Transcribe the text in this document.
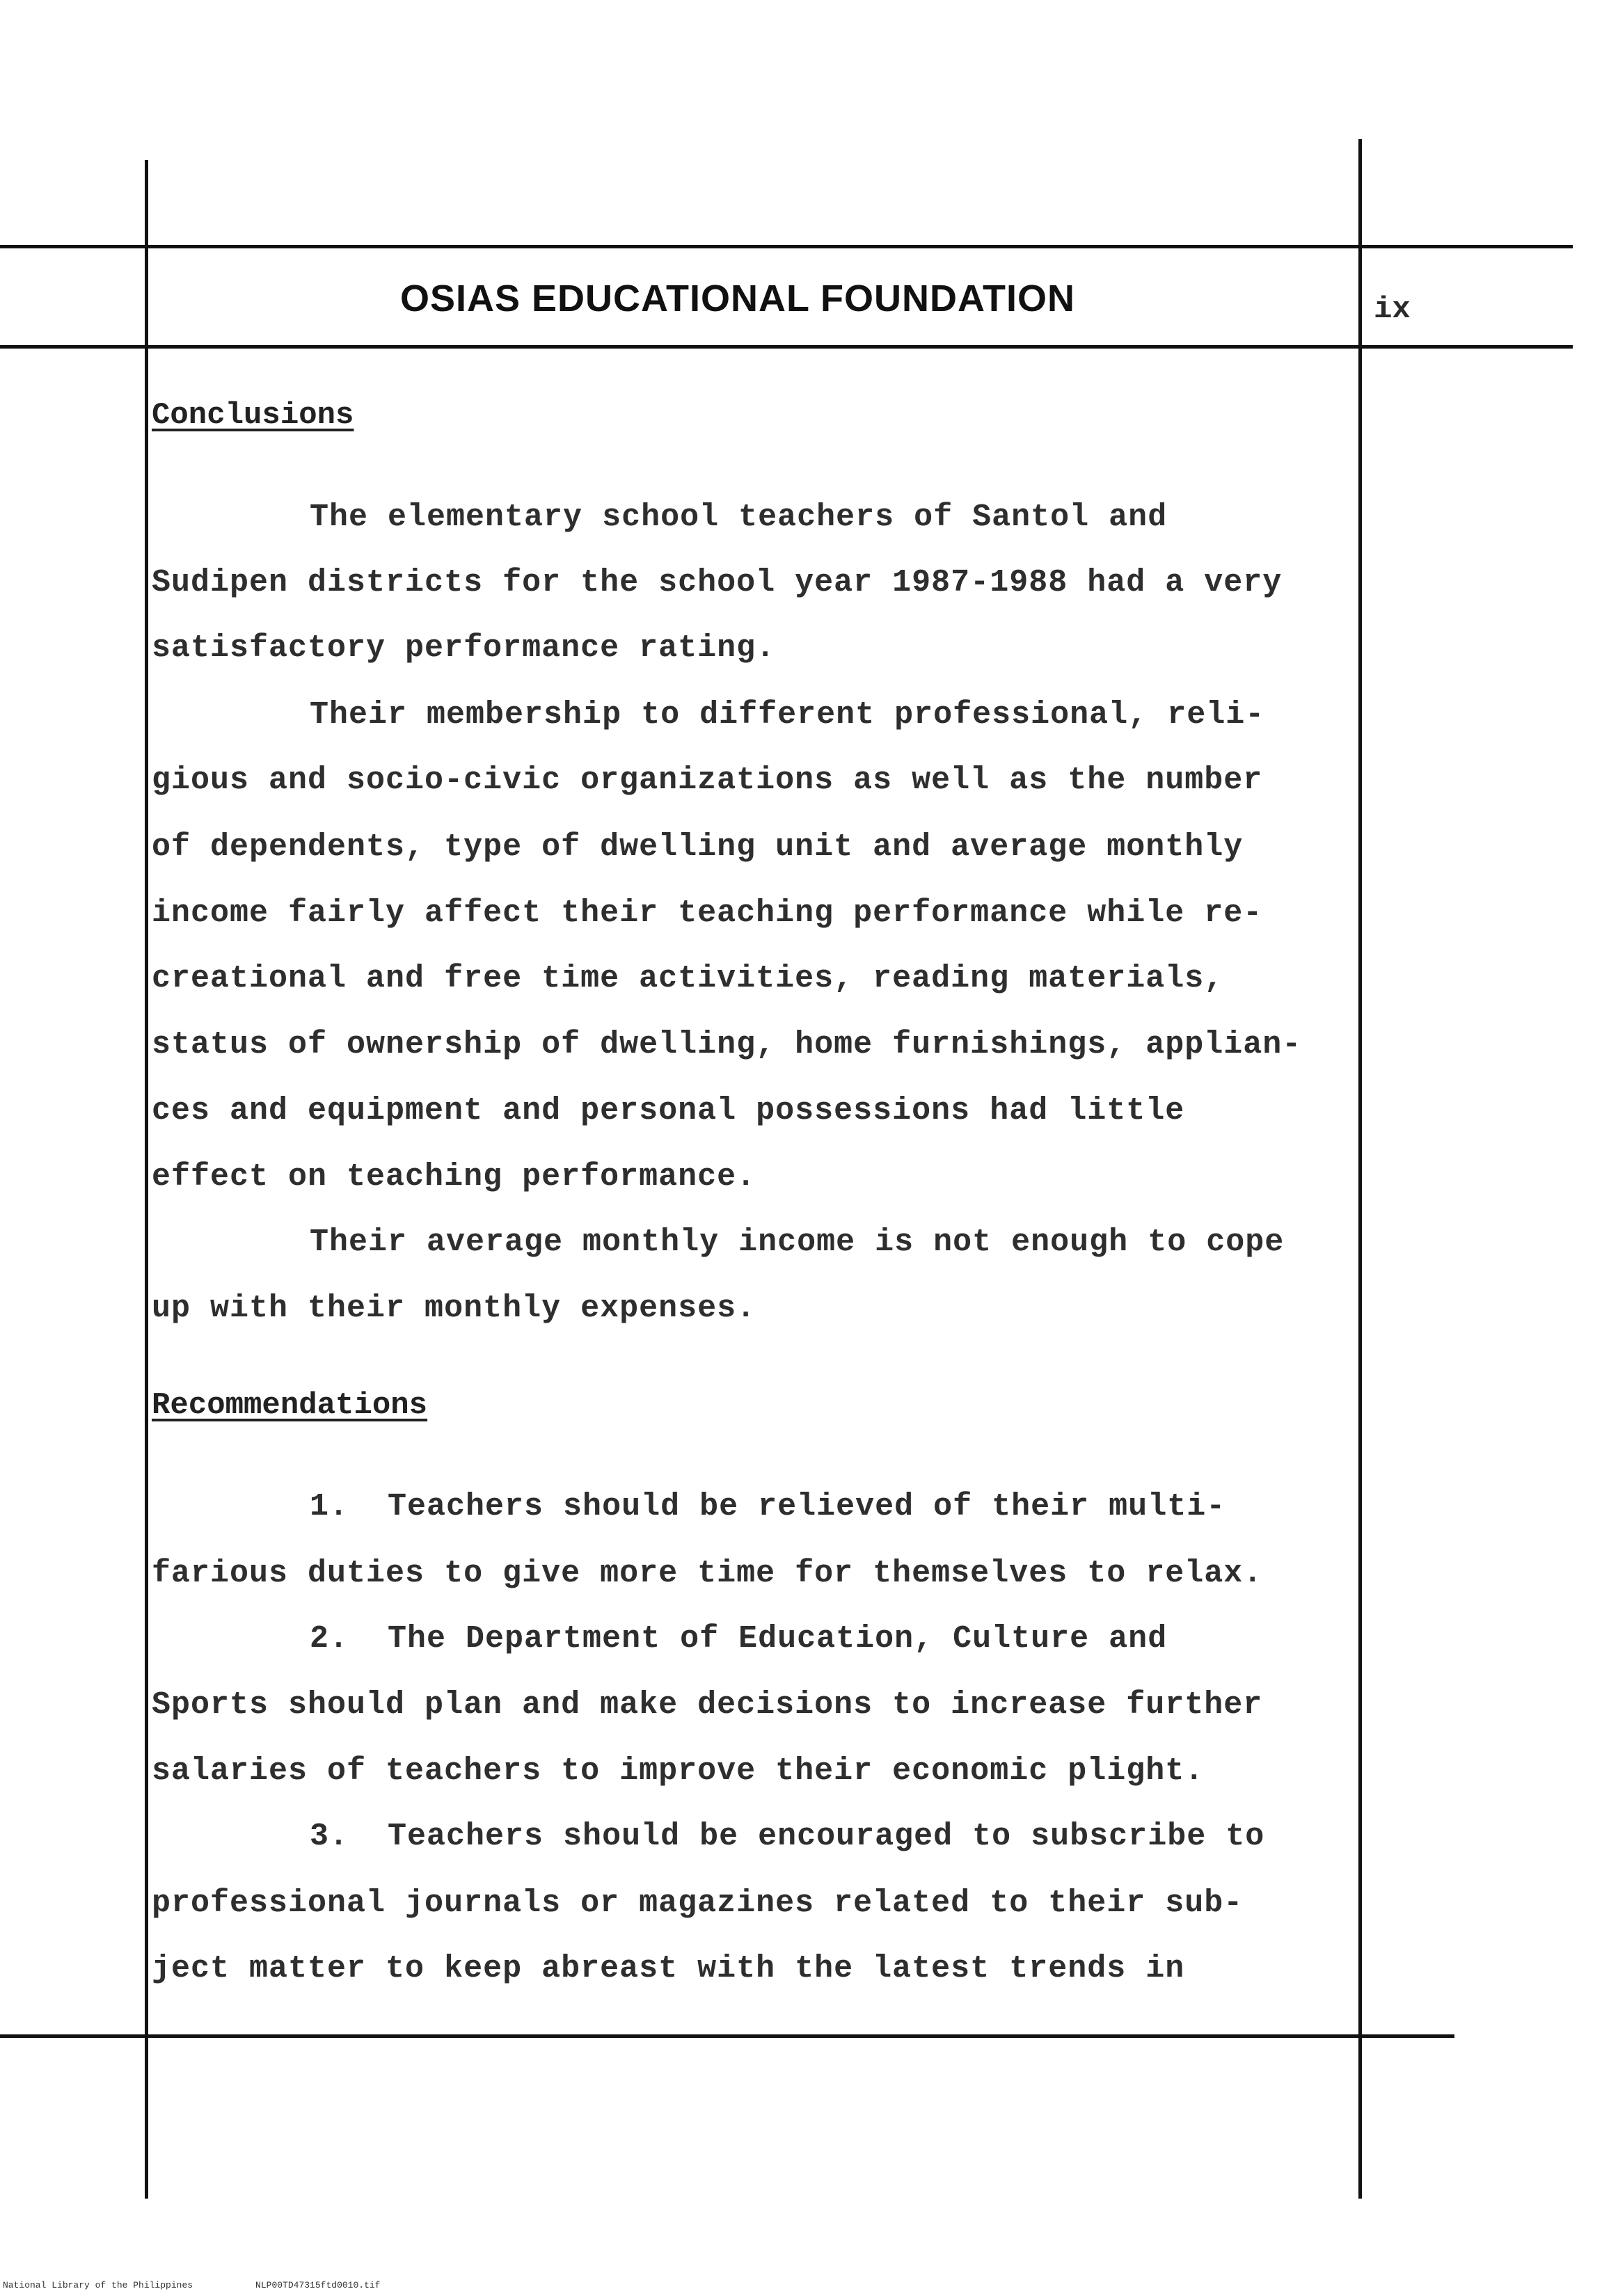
OSIAS EDUCATIONAL FOUNDATION	ix
Conclusions
The elementary school teachers of Santol and
Sudipen districts for the school year 1987-1988 had a very
satisfactory performance rating.
Their membership to different professional, reli-
gious and socio-civic organizations as well as the number
of dependents, type of dwelling unit and average monthly
income fairly affect their teaching performance while re-
creational and free time activities, reading materials,
status of ownership of dwelling, home furnishings, applian-
ces and equipment and personal possessions had little
effect on teaching performance.
Their average monthly income is not enough to cope
up with their monthly expenses.
Recommendations
1.  Teachers should be relieved of their multi-
farious duties to give more time for themselves to relax.
2.  The Department of Education, Culture and
Sports should plan and make decisions to increase further
salaries of teachers to improve their economic plight.
3.  Teachers should be encouraged to subscribe to
professional journals or magazines related to their sub-
ject matter to keep abreast with the latest trends in
National Library of the Philippines	NLP00TD47315ftd0010.tif
